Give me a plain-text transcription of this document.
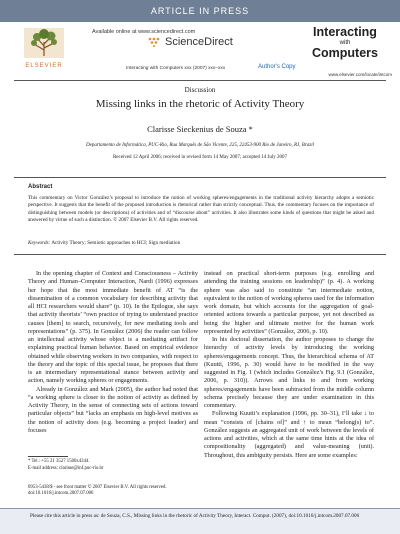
ARTICLE IN PRESS
ELSEVIER
Available online at www.sciencedirect.com
ScienceDirect
Interacting with Computers xxx (2007) xxx–xxx	Author's Copy
Interacting
with
Computers
www.elsevier.com/locate/intcom
Discussion
Missing links in the rhetoric of Activity Theory
Clarisse Sieckenius de Souza *
Departamento de Informática, PUC-Rio, Rua Marquês de São Vicente, 225, 22453-900 Rio de Janeiro, RJ, Brazil
Received 12 April 2006; received in revised form 14 May 2007; accepted 14 July 2007
Abstract
This commentary on Victor González’s proposal to introduce the notion of working spheres/engagements in the traditional activity hierarchy adopts a semiotic perspective. It suggests that the benefit of the proposed introduction is rhetorical rather than strictly conceptual. Thus, the commentary focuses on the importance of distinguishing between models (or descriptions) of activities and of “discourse about” activities. It also illustrates some kinds of questions that might be asked and answered by virtue of such a distinction. © 2007 Elsevier B.V. All rights reserved.
Keywords: Activity Theory; Semiotic approaches to HCI; Sign mediation

In the opening chapter of Context and Consciousness – Activity Theory and Human–Computer Interaction, Nardi (1996) expresses her hope that the most immediate benefit of AT “is the dissemination of a common vocabulary for describing activity that all HCI researchers would share” (p. 10). In the Epilogue, she says that activity theorists’ “own practice of trying to understand practice causes [them] to search, recursively, for new mediating tools and representations” (p. 375). In González (2006) the reader can follow an intellectual activity whose object is a mediating artifact for explaining practical human behavior. Based on empirical evidence obtained while observing workers in two companies, with respect to the theory and the topic of this special issue, he proposes that there is an intermediary representational stance between activity and action, namely working spheres or engagements.

Already in González and Mark (2005), the author had noted that “a working sphere is closer to the notion of activity as defined by Activity Theory, in the sense of connecting sets of actions toward particular objects” but “lacks an emphasis on high-level motives as the notion of activity does (e.g. becoming a project leader) and focuses

instead on practical short-term purposes (e.g. enrolling and attending the training sessions on leadership)” (p. 4). A working sphere was also said to constitute “an intermediate notion, equivalent to the notion of working spheres used for the information work domain, but which accounts for the aggregation of goal-oriented actions towards a particular purpose, yet not described as being the higher and ultimate motive for the human work represented by activities” (González, 2006, p. 10).

In his doctoral dissertation, the author proposes to change the hierarchy of activity levels by introducing the working spheres/engagements concept. Thus, the hierarchical schema of AT (Kuutti, 1996, p. 30) would have to be modified in the way suggested in Fig. 1 (which includes González’s Fig. 9.1 (González, 2006, p. 310)). Arrows and links to and from working spheres/engagements have been subtracted from the middle column schema precisely because they are under examination in this commentary.

Following Kuutti’s explanation (1996, pp. 30–31), I’ll take ↓ to mean “consists of [chains of]” and ↑ to mean “belong(s) to”. González suggests an aggregated unit of work between the levels of actions and activities, which at the same time hints at the idea of compositionality (aggregated) and value-meaning (unit). Throughout, this ambiguity persists. Here are some examples:

* Tel.: +55 21 3527 1500x4344.
E-mail address: clarisse@inf.puc-rio.br
0953-5438/$ - see front matter © 2007 Elsevier B.V. All rights reserved.
doi:10.1016/j.intcom.2007.07.006
Please cite this article in press as: de Souza, C.S., Missing links in the rhetoric of Activity Theory, Interact. Comput. (2007), doi:10.1016/j.intcom.2007.07.006
